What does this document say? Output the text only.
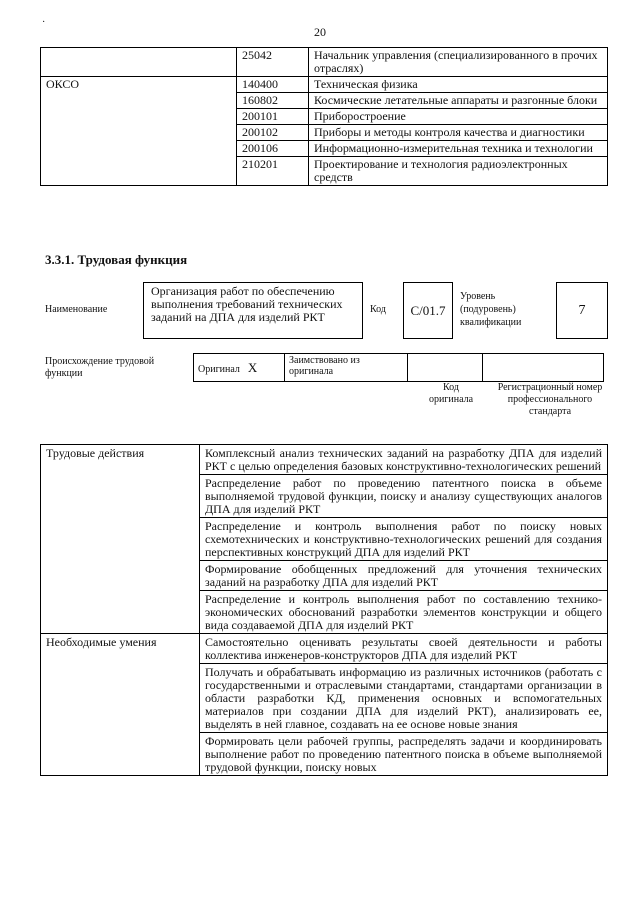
·
20
	25042	Начальник управления (специализированного в прочих отраслях)
ОКСО	140400	Техническая физика
	160802	Космические летательные аппараты и разгонные блоки
	200101	Приборостроение
	200102	Приборы и методы контроля качества и диагностики
	200106	Информационно-измерительная техника и технологии
	210201	Проектирование и технология радиоэлектронных средств
3.3.1. Трудовая функция
Наименование
Организация работ по обеспечению выполнения требований технических заданий на ДПА для изделий РКТ
Код	С/01.7
Уровень (подуровень) квалификации
7
Происхождение трудовой функции	Оригинал X	Заимствовано из оригинала		
Код оригинала
Регистрационный номер профессионального стандарта
Трудовые действия	Комплексный анализ технических заданий на разработку ДПА для изделий РКТ с целью определения базовых конструктивно-технологических решений
	Распределение работ по проведению патентного поиска в объеме выполняемой трудовой функции, поиску и анализу существующих аналогов ДПА для изделий РКТ
	Распределение и контроль выполнения работ по поиску новых схемотехнических и конструктивно-технологических решений для создания перспективных конструкций ДПА для изделий РКТ
	Формирование обобщенных предложений для уточнения технических заданий на разработку ДПА для изделий РКТ
	Распределение и контроль выполнения работ по составлению технико-экономических обоснований разработки элементов конструкции и общего вида создаваемой ДПА для изделий РКТ
Необходимые умения	Самостоятельно оценивать результаты своей деятельности и работы коллектива инженеров-конструкторов ДПА для изделий РКТ
	Получать и обрабатывать информацию из различных источников (работать с государственными и отраслевыми стандартами, стандартами организации в области разработки КД, применения основных и вспомогательных материалов при создании ДПА для изделий РКТ), анализировать ее, выделять в ней главное, создавать на ее основе новые знания
	Формировать цели рабочей группы, распределять задачи и координировать выполнение работ по проведению патентного поиска в объеме выполняемой трудовой функции, поиску новых
